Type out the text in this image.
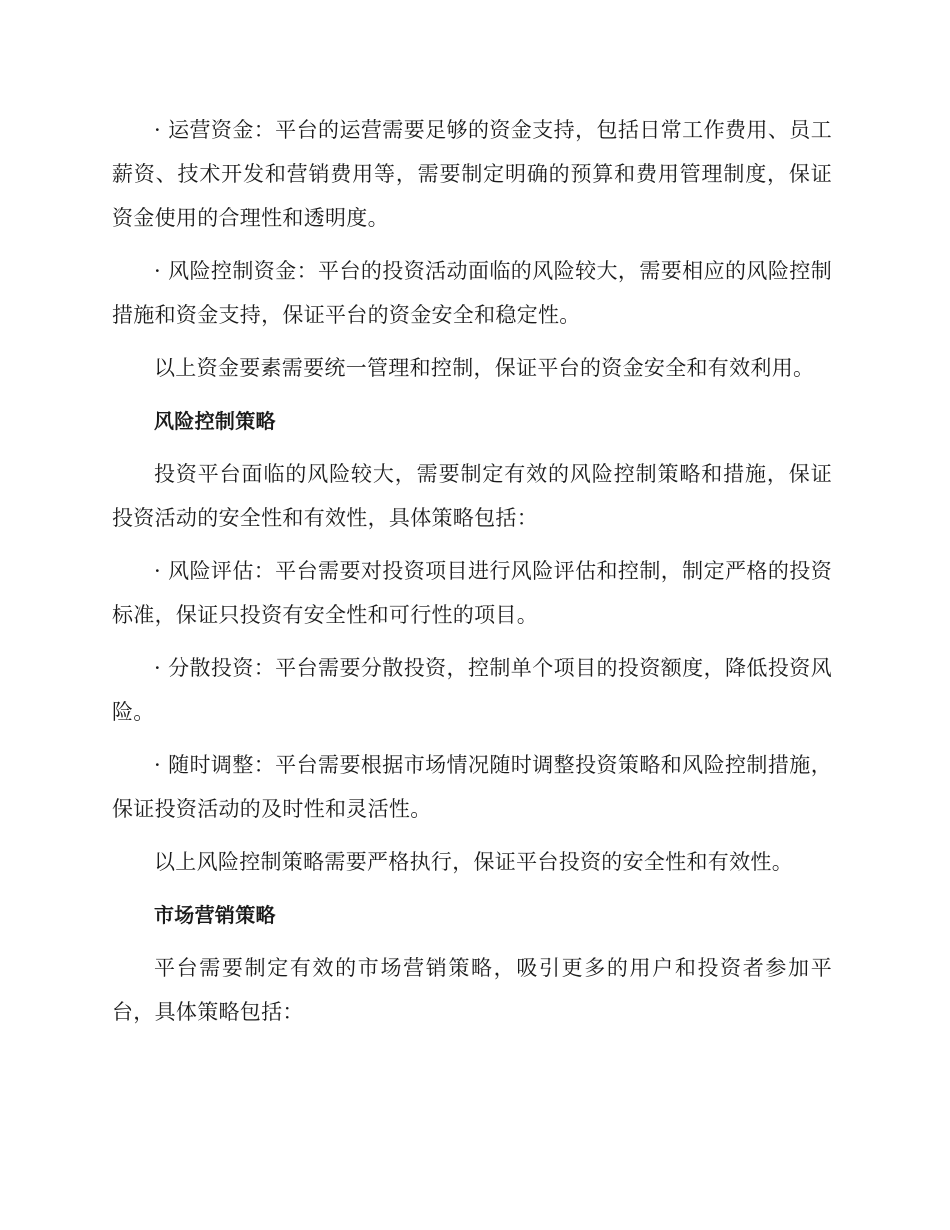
· 运营资金：平台的运营需要足够的资金支持，包括日常工作费用、员工薪资、技术开发和营销费用等，需要制定明确的预算和费用管理制度，保证资金使用的合理性和透明度。

· 风险控制资金：平台的投资活动面临的风险较大，需要相应的风险控制措施和资金支持，保证平台的资金安全和稳定性。

以上资金要素需要统一管理和控制，保证平台的资金安全和有效利用。

风险控制策略

投资平台面临的风险较大，需要制定有效的风险控制策略和措施，保证投资活动的安全性和有效性，具体策略包括：

· 风险评估：平台需要对投资项目进行风险评估和控制，制定严格的投资标准，保证只投资有安全性和可行性的项目。

· 分散投资：平台需要分散投资，控制单个项目的投资额度，降低投资风险。

· 随时调整：平台需要根据市场情况随时调整投资策略和风险控制措施，保证投资活动的及时性和灵活性。

以上风险控制策略需要严格执行，保证平台投资的安全性和有效性。

市场营销策略

平台需要制定有效的市场营销策略，吸引更多的用户和投资者参加平台，具体策略包括：
